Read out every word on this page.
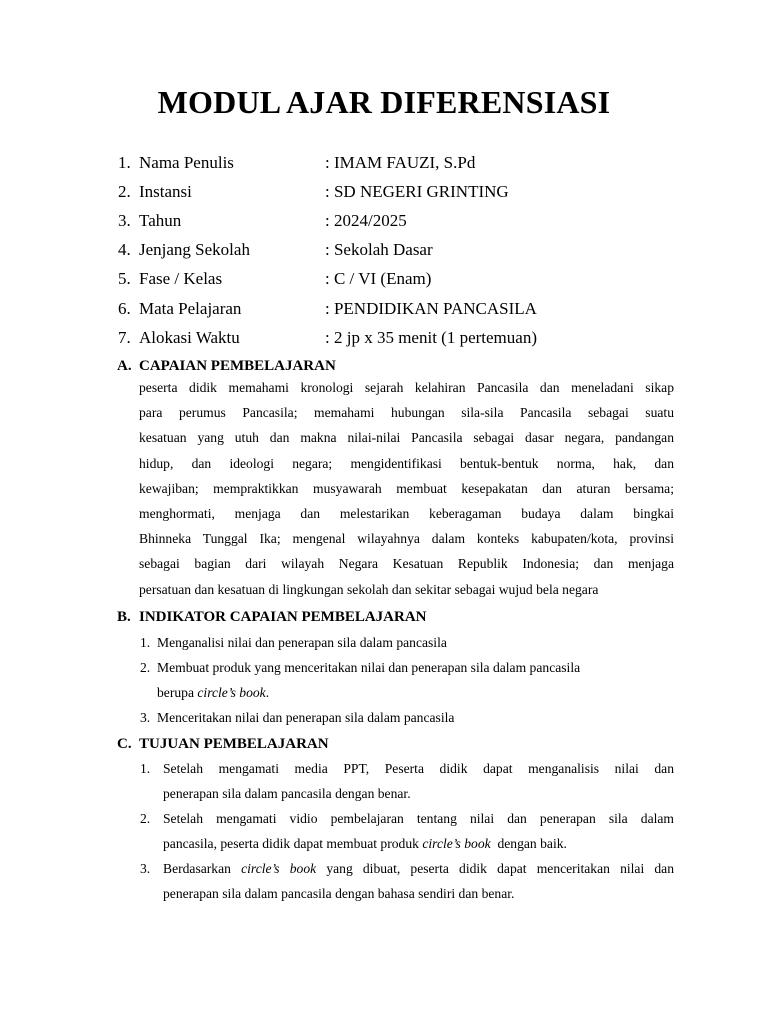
MODUL AJAR DIFERENSIASI
1. Nama Penulis	: IMAM FAUZI, S.Pd
2. Instansi	: SD NEGERI GRINTING
3. Tahun	: 2024/2025
4. Jenjang Sekolah	: Sekolah Dasar
5. Fase / Kelas	: C / VI (Enam)
6. Mata Pelajaran	: PENDIDIKAN PANCASILA
7. Alokasi Waktu	: 2 jp x 35 menit (1 pertemuan)
A. CAPAIAN PEMBELAJARAN
peserta didik memahami kronologi sejarah kelahiran Pancasila dan meneladani sikap
para perumus Pancasila; memahami hubungan sila-sila Pancasila sebagai suatu
kesatuan yang utuh dan makna nilai-nilai Pancasila sebagai dasar negara, pandangan
hidup, dan ideologi negara; mengidentifikasi bentuk-bentuk norma, hak, dan
kewajiban; mempraktikkan musyawarah membuat kesepakatan dan aturan bersama;
menghormati, menjaga dan melestarikan keberagaman budaya dalam bingkai
Bhinneka Tunggal Ika; mengenal wilayahnya dalam konteks kabupaten/kota, provinsi
sebagai bagian dari wilayah Negara Kesatuan Republik Indonesia; dan menjaga
persatuan dan kesatuan di lingkungan sekolah dan sekitar sebagai wujud bela negara
B. INDIKATOR CAPAIAN PEMBELAJARAN
1. Menganalisi nilai dan penerapan sila dalam pancasila
2. Membuat produk yang menceritakan nilai dan penerapan sila dalam pancasila
berupa circle’s book.
3. Menceritakan nilai dan penerapan sila dalam pancasila
C. TUJUAN PEMBELAJARAN
1. Setelah mengamati media PPT, Peserta didik dapat menganalisis nilai dan
penerapan sila dalam pancasila dengan benar.
2. Setelah mengamati vidio pembelajaran tentang nilai dan penerapan sila dalam
pancasila, peserta didik dapat membuat produk circle’s book  dengan baik.
3. Berdasarkan circle’s book yang dibuat, peserta didik dapat menceritakan nilai dan
penerapan sila dalam pancasila dengan bahasa sendiri dan benar.
